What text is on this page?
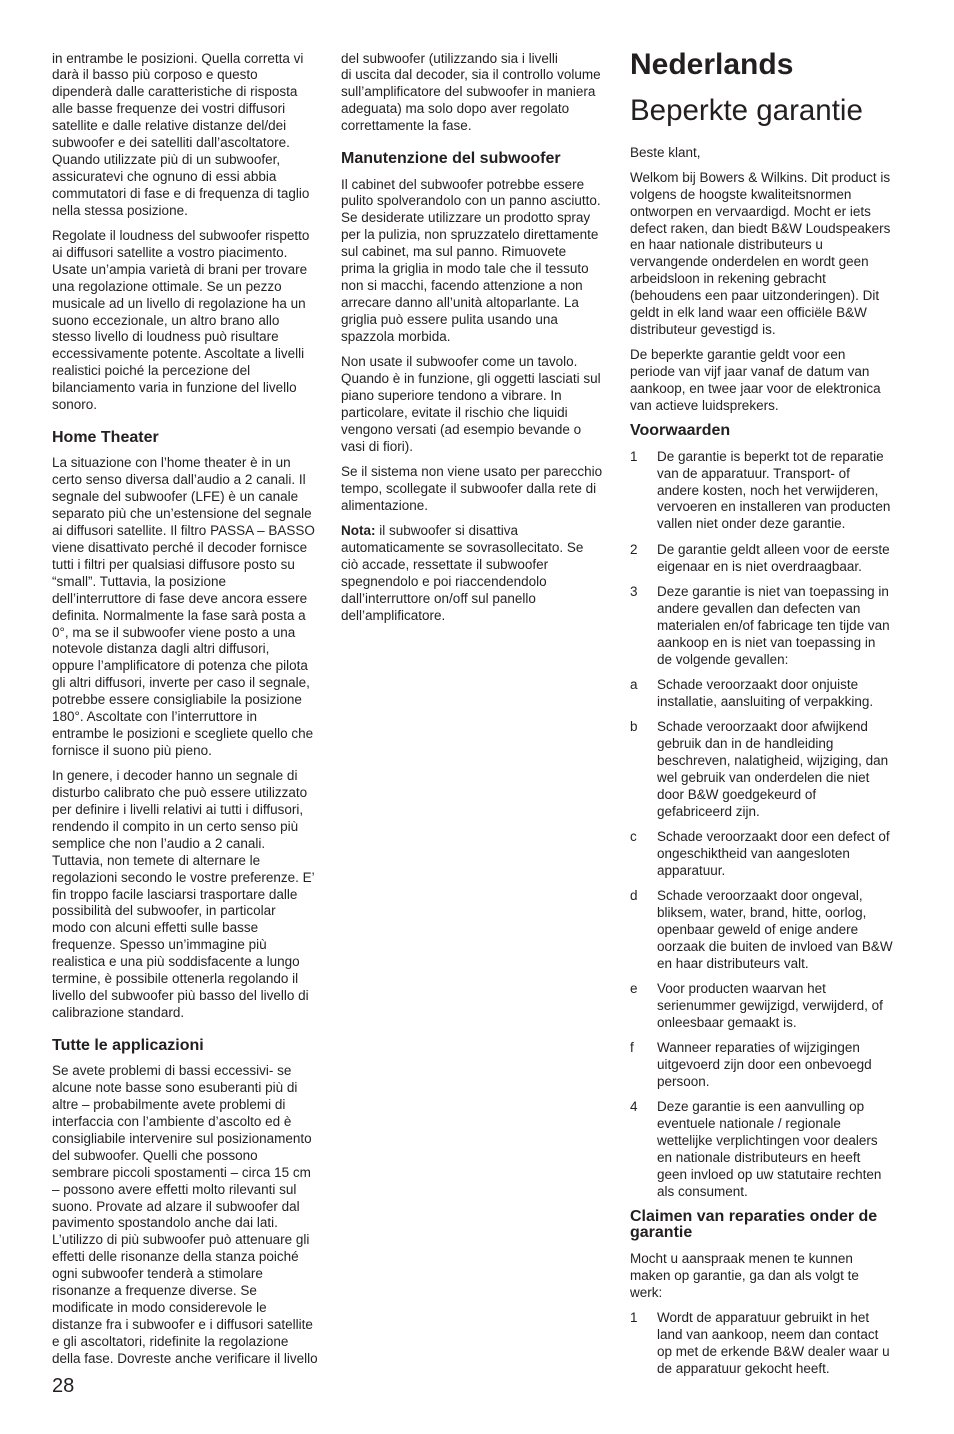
in entrambe le posizioni. Quella corretta vi
darà il basso più corposo e questo
dipenderà dalle caratteristiche di risposta
alle basse frequenze dei vostri diffusori
satellite e dalle relative distanze del/dei
subwoofer e dei satelliti dall’ascoltatore.
Quando utilizzate più di un subwoofer,
assicuratevi che ognuno di essi abbia
commutatori di fase e di frequenza di taglio
nella stessa posizione.

Regolate il loudness del subwoofer rispetto
ai diffusori satellite a vostro piacimento.
Usate un’ampia varietà di brani per trovare
una regolazione ottimale. Se un pezzo
musicale ad un livello di regolazione ha un
suono eccezionale, un altro brano allo
stesso livello di loudness può risultare
eccessivamente potente. Ascoltate a livelli
realistici poiché la percezione del
bilanciamento varia in funzione del livello
sonoro.

Home Theater

La situazione con l’home theater è in un
certo senso diversa dall’audio a 2 canali. Il
segnale del subwoofer (LFE) è un canale
separato più che un’estensione del segnale
ai diffusori satellite. Il filtro PASSA – BASSO
viene disattivato perché il decoder fornisce
tutti i filtri per qualsiasi diffusore posto su
“small”. Tuttavia, la posizione
dell’interruttore di fase deve ancora essere
definita. Normalmente la fase sarà posta a
0°, ma se il subwoofer viene posto a una
notevole distanza dagli altri diffusori,
oppure l’amplificatore di potenza che pilota
gli altri diffusori, inverte per caso il segnale,
potrebbe essere consigliabile la posizione
180°. Ascoltate con l’interruttore in
entrambe le posizioni e scegliete quello che
fornisce il suono più pieno.

In genere, i decoder hanno un segnale di
disturbo calibrato che può essere utilizzato
per definire i livelli relativi ai tutti i diffusori,
rendendo il compito in un certo senso più
semplice che non l’audio a 2 canali.
Tuttavia, non temete di alternare le
regolazioni secondo le vostre preferenze. E’
fin troppo facile lasciarsi trasportare dalle
possibilità del subwoofer, in particolar
modo con alcuni effetti sulle basse
frequenze. Spesso un’immagine più
realistica e una più soddisfacente a lungo
termine, è possibile ottenerla regolando il
livello del subwoofer più basso del livello di
calibrazione standard.

Tutte le applicazioni

Se avete problemi di bassi eccessivi- se
alcune note basse sono esuberanti più di
altre – probabilmente avete problemi di
interfaccia con l’ambiente d’ascolto ed è
consigliabile intervenire sul posizionamento
del subwoofer. Quelli che possono
sembrare piccoli spostamenti – circa 15 cm
– possono avere effetti molto rilevanti sul
suono. Provate ad alzare il subwoofer dal
pavimento spostandolo anche dai lati.
L’utilizzo di più subwoofer può attenuare gli
effetti delle risonanze della stanza poiché
ogni subwoofer tenderà a stimolare
risonanze a frequenze diverse. Se
modificate in modo considerevole le
distanze fra i subwoofer e i diffusori satellite
e gli ascoltatori, ridefinite la regolazione
della fase. Dovreste anche verificare il livello

del subwoofer (utilizzando sia i livelli
di uscita dal decoder, sia il controllo volume
sull’amplificatore del subwoofer in maniera
adeguata) ma solo dopo aver regolato
correttamente la fase.

Manutenzione del subwoofer

Il cabinet del subwoofer potrebbe essere
pulito spolverandolo con un panno asciutto.
Se desiderate utilizzare un prodotto spray
per la pulizia, non spruzzatelo direttamente
sul cabinet, ma sul panno. Rimuovete
prima la griglia in modo tale che il tessuto
non si macchi, facendo attenzione a non
arrecare danno all’unità altoparlante. La
griglia può essere pulita usando una
spazzola morbida.

Non usate il subwoofer come un tavolo.
Quando è in funzione, gli oggetti lasciati sul
piano superiore tendono a vibrare. In
particolare, evitate il rischio che liquidi
vengono versati (ad esempio bevande o
vasi di fiori).

Se il sistema non viene usato per parecchio
tempo, scollegate il subwoofer dalla rete di
alimentazione.

Nota: il subwoofer si disattiva
automaticamente se sovrasollecitato. Se
ciò accade, ressettate il subwoofer
spegnendolo e poi riaccendendolo
dall’interruttore on/off sul panello
dell’amplificatore.

Nederlands
Beperkte garantie

Beste klant,

Welkom bij Bowers & Wilkins. Dit product is
volgens de hoogste kwaliteitsnormen
ontworpen en vervaardigd. Mocht er iets
defect raken, dan biedt B&W Loudspeakers
en haar nationale distributeurs u
vervangende onderdelen en wordt geen
arbeidsloon in rekening gebracht
(behoudens een paar uitzonderingen). Dit
geldt in elk land waar een officiële B&W
distributeur gevestigd is.

De beperkte garantie geldt voor een
periode van vijf jaar vanaf de datum van
aankoop, en twee jaar voor de elektronica
van actieve luidsprekers.

Voorwaarden
1	De garantie is beperkt tot de reparatie
van de apparatuur. Transport- of
andere kosten, noch het verwijderen,
vervoeren en installeren van producten
vallen niet onder deze garantie.
2	De garantie geldt alleen voor de eerste
eigenaar en is niet overdraagbaar.
3	Deze garantie is niet van toepassing in
andere gevallen dan defecten van
materialen en/of fabricage ten tijde van
aankoop en is niet van toepassing in
de volgende gevallen:
a	Schade veroorzaakt door onjuiste
installatie, aansluiting of verpakking.
b	Schade veroorzaakt door afwijkend
gebruik dan in de handleiding
beschreven, nalatigheid, wijziging, dan
wel gebruik van onderdelen die niet
door B&W goedgekeurd of
gefabriceerd zijn.
c	Schade veroorzaakt door een defect of
ongeschiktheid van aangesloten
apparatuur.
d	Schade veroorzaakt door ongeval,
bliksem, water, brand, hitte, oorlog,
openbaar geweld of enige andere
oorzaak die buiten de invloed van B&W
en haar distributeurs valt.
e	Voor producten waarvan het
serienummer gewijzigd, verwijderd, of
onleesbaar gemaakt is.
f	Wanneer reparaties of wijzigingen
uitgevoerd zijn door een onbevoegd
persoon.
4	Deze garantie is een aanvulling op
eventuele nationale / regionale
wettelijke verplichtingen voor dealers
en nationale distributeurs en heeft
geen invloed op uw statutaire rechten
als consument.
Claimen van reparaties onder de
garantie

Mocht u aanspraak menen te kunnen
maken op garantie, ga dan als volgt te
werk:

1	Wordt de apparatuur gebruikt in het
land van aankoop, neem dan contact
op met de erkende B&W dealer waar u
de apparatuur gekocht heeft.
28
